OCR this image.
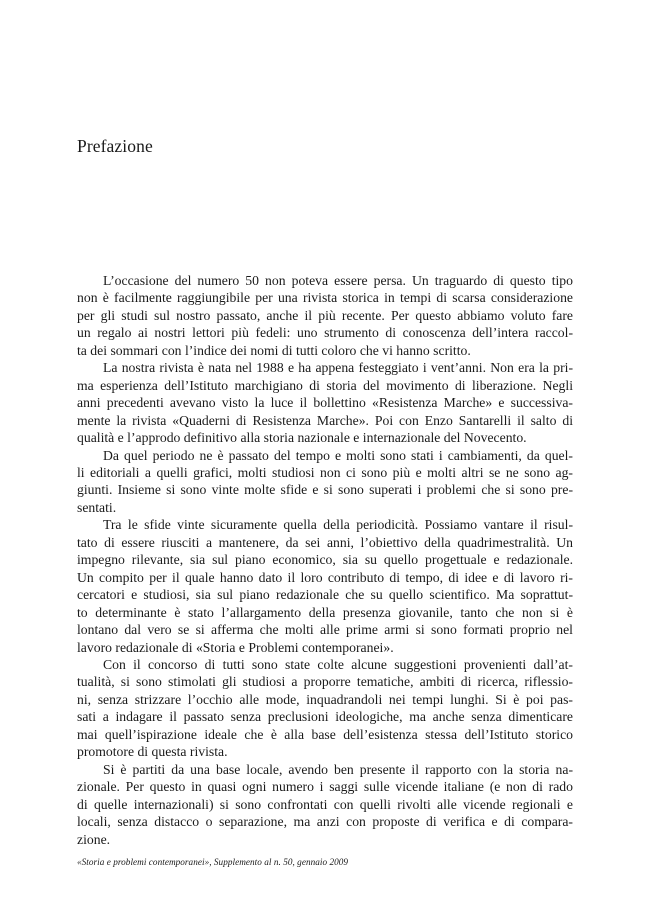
Prefazione

L’occasione del numero 50 non poteva essere persa. Un traguardo di questo tipo
non è facilmente raggiungibile per una rivista storica in tempi di scarsa considerazione
per gli studi sul nostro passato, anche il più recente. Per questo abbiamo voluto fare
un regalo ai nostri lettori più fedeli: uno strumento di conoscenza dell’intera raccol-
ta dei sommari con l’indice dei nomi di tutti coloro che vi hanno scritto.

La nostra rivista è nata nel 1988 e ha appena festeggiato i vent’anni. Non era la pri-
ma esperienza dell’Istituto marchigiano di storia del movimento di liberazione. Negli
anni precedenti avevano visto la luce il bollettino «Resistenza Marche» e successiva-
mente la rivista «Quaderni di Resistenza Marche». Poi con Enzo Santarelli il salto di
qualità e l’approdo definitivo alla storia nazionale e internazionale del Novecento.

Da quel periodo ne è passato del tempo e molti sono stati i cambiamenti, da quel-
li editoriali a quelli grafici, molti studiosi non ci sono più e molti altri se ne sono ag-
giunti. Insieme si sono vinte molte sfide e si sono superati i problemi che si sono pre-
sentati.

Tra le sfide vinte sicuramente quella della periodicità. Possiamo vantare il risul-
tato di essere riusciti a mantenere, da sei anni, l’obiettivo della quadrimestralità. Un
impegno rilevante, sia sul piano economico, sia su quello progettuale e redazionale.
Un compito per il quale hanno dato il loro contributo di tempo, di idee e di lavoro ri-
cercatori e studiosi, sia sul piano redazionale che su quello scientifico. Ma soprattut-
to determinante è stato l’allargamento della presenza giovanile, tanto che non si è
lontano dal vero se si afferma che molti alle prime armi si sono formati proprio nel
lavoro redazionale di «Storia e Problemi contemporanei».

Con il concorso di tutti sono state colte alcune suggestioni provenienti dall’at-
tualità, si sono stimolati gli studiosi a proporre tematiche, ambiti di ricerca, riflessio-
ni, senza strizzare l’occhio alle mode, inquadrandoli nei tempi lunghi. Si è poi pas-
sati a indagare il passato senza preclusioni ideologiche, ma anche senza dimenticare
mai quell’ispirazione ideale che è alla base dell’esistenza stessa dell’Istituto storico
promotore di questa rivista.

Si è partiti da una base locale, avendo ben presente il rapporto con la storia na-
zionale. Per questo in quasi ogni numero i saggi sulle vicende italiane (e non di rado
di quelle internazionali) si sono confrontati con quelli rivolti alle vicende regionali e
locali, senza distacco o separazione, ma anzi con proposte di verifica e di compara-
zione.

«Storia e problemi contemporanei», Supplemento al n. 50, gennaio 2009
